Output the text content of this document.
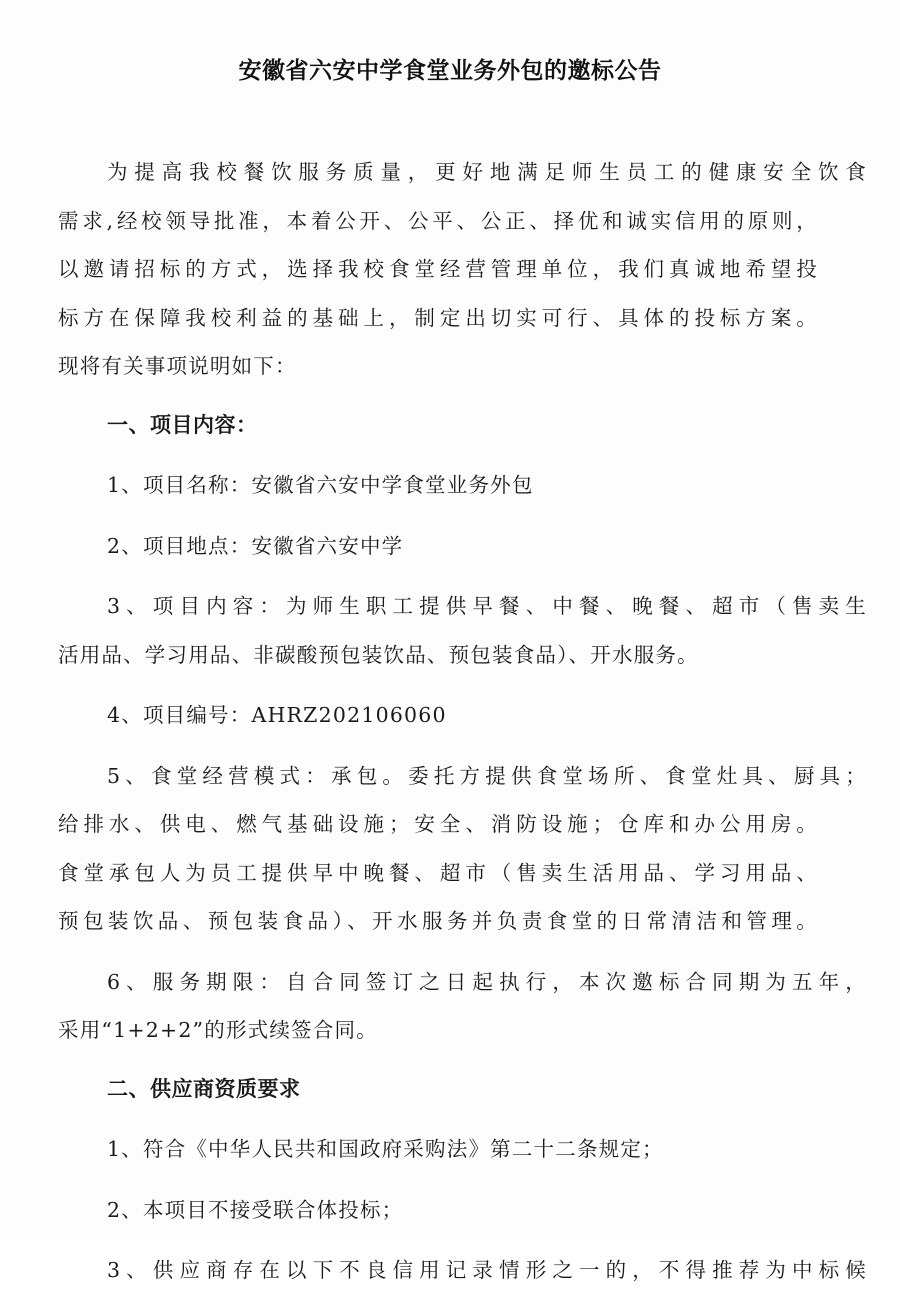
安徽省六安中学食堂业务外包的邀标公告
为提高我校餐饮服务质量，更好地满足师生员工的健康安全饮食
需求,经校领导批准，本着公开、公平、公正、择优和诚实信用的原则，
以邀请招标的方式，选择我校食堂经营管理单位，我们真诚地希望投
标方在保障我校利益的基础上，制定出切实可行、具体的投标方案。
现将有关事项说明如下：
一、项目内容：
1、项目名称：安徽省六安中学食堂业务外包
2、项目地点：安徽省六安中学
3、项目内容：为师生职工提供早餐、中餐、晚餐、超市（售卖生
活用品、学习用品、非碳酸预包装饮品、预包装食品）、开水服务。
4、项目编号：AHRZ202106060
5、食堂经营模式：承包。委托方提供食堂场所、食堂灶具、厨具；
给排水、供电、燃气基础设施；安全、消防设施；仓库和办公用房。
食堂承包人为员工提供早中晚餐、超市（售卖生活用品、学习用品、
预包装饮品、预包装食品）、开水服务并负责食堂的日常清洁和管理。
6、服务期限：自合同签订之日起执行，本次邀标合同期为五年，
采用“1+2+2”的形式续签合同。
二、供应商资质要求
1、符合《中华人民共和国政府采购法》第二十二条规定；
2、本项目不接受联合体投标；
3、供应商存在以下不良信用记录情形之一的，不得推荐为中标候
